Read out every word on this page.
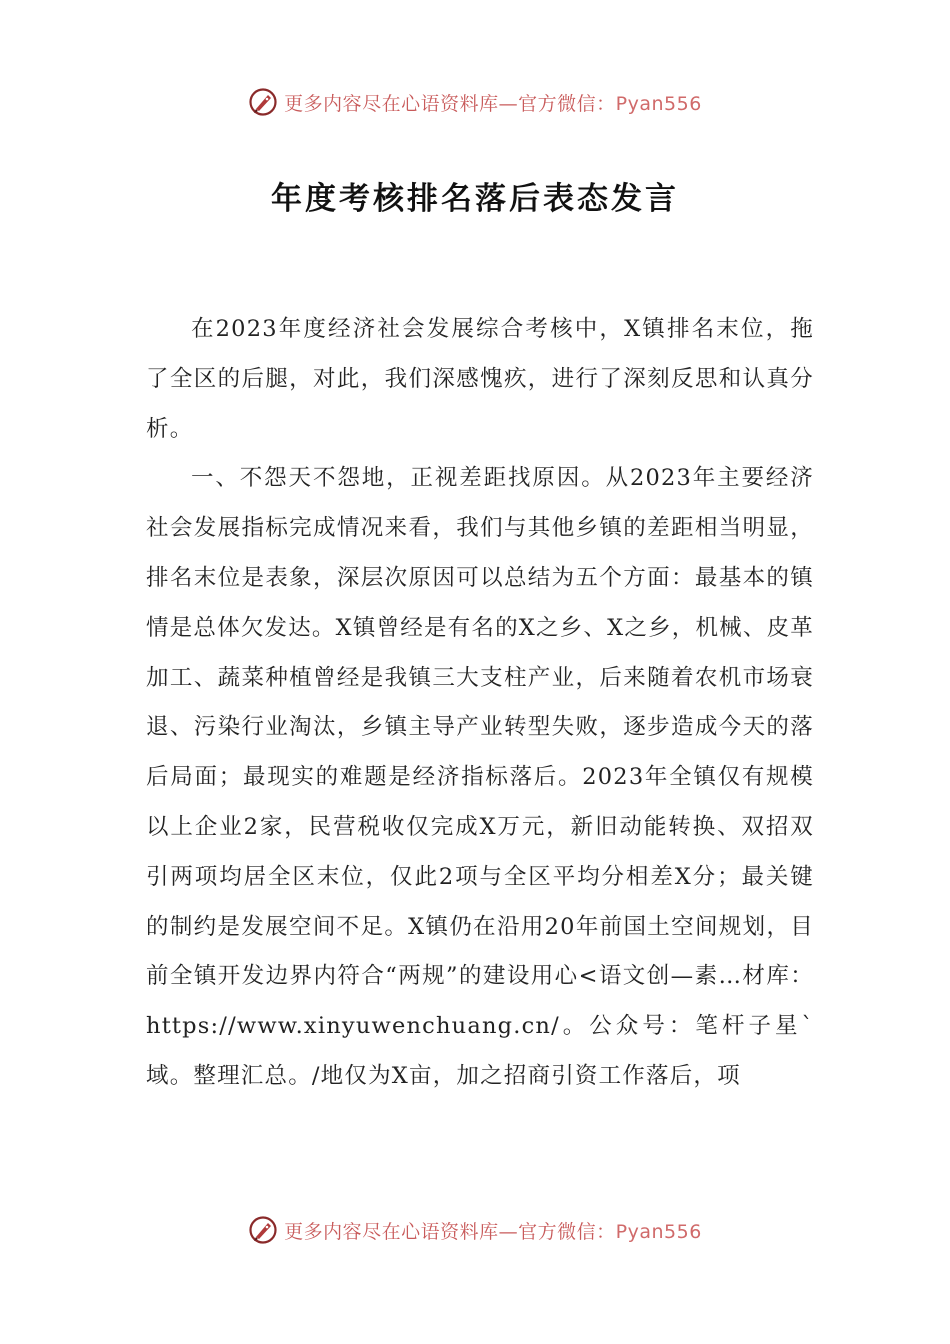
更多内容尽在心语资料库—官方微信：Pyan556
年度考核排名落后表态发言

在2023年度经济社会发展综合考核中，X镇排名末位，拖了全区的后腿，对此，我们深感愧疚，进行了深刻反思和认真分析。

一、不怨天不怨地，正视差距找原因。从2023年主要经济社会发展指标完成情况来看，我们与其他乡镇的差距相当明显，排名末位是表象，深层次原因可以总结为五个方面：最基本的镇情是总体欠发达。X镇曾经是有名的X之乡、X之乡，机械、皮革加工、蔬菜种植曾经是我镇三大支柱产业，后来随着农机市场衰退、污染行业淘汰，乡镇主导产业转型失败，逐步造成今天的落后局面；最现实的难题是经济指标落后。2023年全镇仅有规模以上企业2家，民营税收仅完成X万元，新旧动能转换、双招双引两项均居全区末位，仅此2项与全区平均分相差X分；最关键的制约是发展空间不足。X镇仍在沿用20年前国土空间规划，目前全镇开发边界内符合“两规”的建设用心<语文创—素…材库：https://www.xinyuwenchuang.cn/。公众号：笔杆子星`域。整理汇总。/地仅为X亩，加之招商引资工作落后，项

更多内容尽在心语资料库—官方微信：Pyan556
